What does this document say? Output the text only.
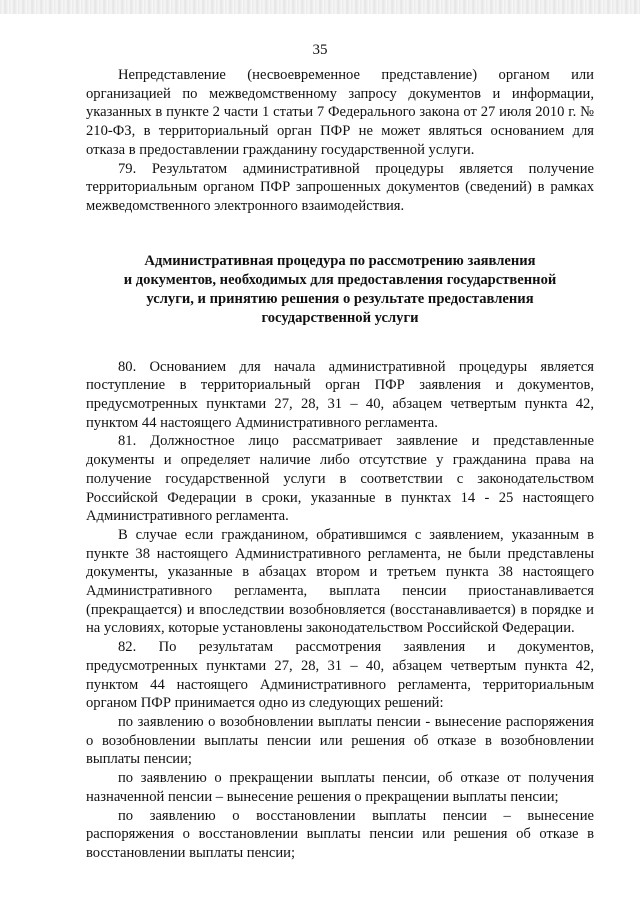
35

Непредставление (несвоевременное представление) органом или организацией по межведомственному запросу документов и информации, указанных в пункте 2 части 1 статьи 7 Федерального закона от 27 июля 2010 г. № 210-ФЗ, в территориальный орган ПФР не может являться основанием для отказа в предоставлении гражданину государственной услуги.

79. Результатом административной процедуры является получение территориальным органом ПФР запрошенных документов (сведений) в рамках межведомственного электронного взаимодействия.

Административная процедура по рассмотрению заявления
и документов, необходимых для предоставления государственной
услуги, и принятию решения о результате предоставления
государственной услуги

80. Основанием для начала административной процедуры является поступление в территориальный орган ПФР заявления и документов, предусмотренных пунктами 27, 28, 31 – 40, абзацем четвертым пункта 42, пунктом 44 настоящего Административного регламента.

81. Должностное лицо рассматривает заявление и представленные документы и определяет наличие либо отсутствие у гражданина права на получение государственной услуги в соответствии с законодательством Российской Федерации в сроки, указанные в пунктах 14 - 25 настоящего Административного регламента.

В случае если гражданином, обратившимся с заявлением, указанным в пункте 38 настоящего Административного регламента, не были представлены документы, указанные в абзацах втором и третьем пункта 38 настоящего Административного регламента, выплата пенсии приостанавливается (прекращается) и впоследствии возобновляется (восстанавливается) в порядке и на условиях, которые установлены законодательством Российской Федерации.

82. По результатам рассмотрения заявления и документов, предусмотренных пунктами 27, 28, 31 – 40, абзацем четвертым пункта 42, пунктом 44 настоящего Административного регламента, территориальным органом ПФР принимается одно из следующих решений:

по заявлению о возобновлении выплаты пенсии - вынесение распоряжения о возобновлении выплаты пенсии или решения об отказе в возобновлении выплаты пенсии;

по заявлению о прекращении выплаты пенсии, об отказе от получения назначенной пенсии – вынесение решения о прекращении выплаты пенсии;

по заявлению о восстановлении выплаты пенсии – вынесение распоряжения о восстановлении выплаты пенсии или решения об отказе в восстановлении выплаты пенсии;
